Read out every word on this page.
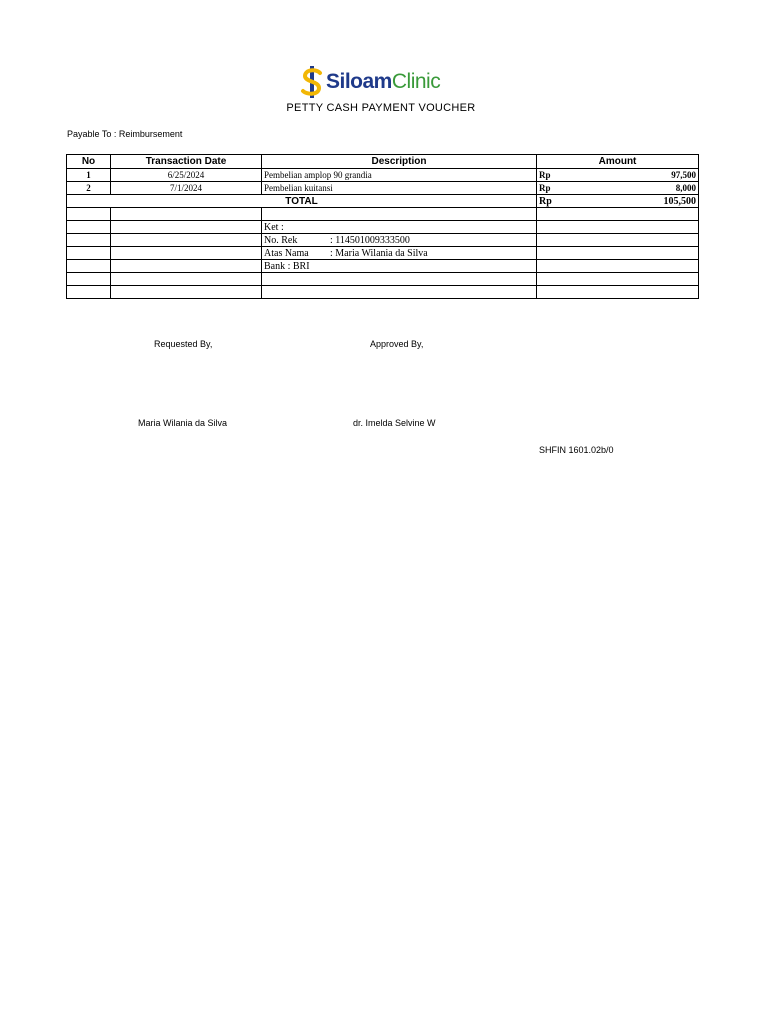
SiloamClinic
PETTY CASH PAYMENT VOUCHER
Payable To : Reimbursement
No	Transaction Date	Description	Amount
1	6/25/2024	Pembelian amplop 90 grandia	Rp 97,500

2	7/1/2024	Pembelian kuitansi	Rp 8,000

TOTAL			Rp 105,500

		Ket :	
		No. Rek : 114501009333500	
		Atas Nama : Maria Wilania da Silva	
		Bank : BRI	

Requested By,	Approved By,
Maria Wilania da Silva	dr. Imelda Selvine W
SHFIN 1601.02b/0
